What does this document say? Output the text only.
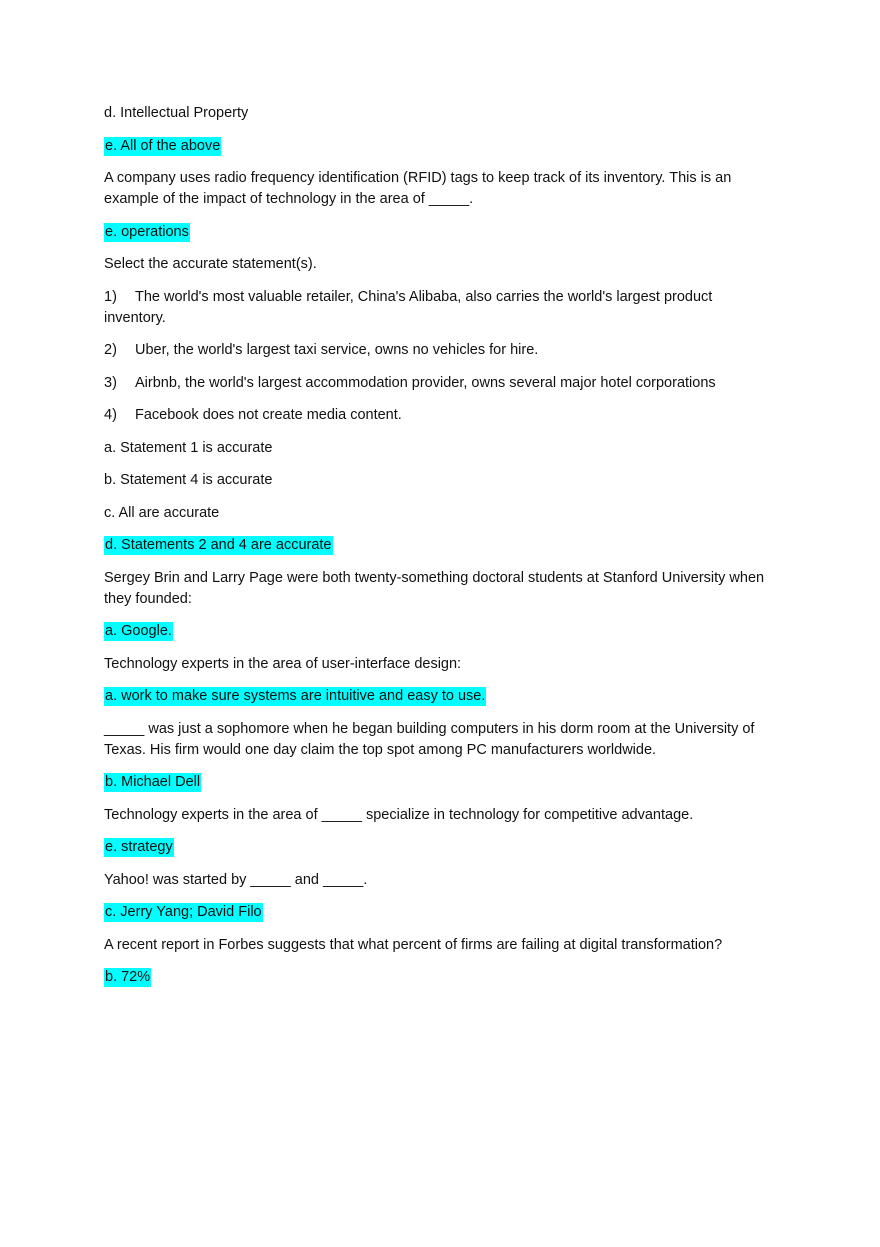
d. Intellectual Property

e. All of the above

A company uses radio frequency identification (RFID) tags to keep track of its inventory. This is an
example of the impact of technology in the area of _____.

e. operations

Select the accurate statement(s).

1) The world's most valuable retailer, China's Alibaba, also carries the world's largest product
inventory.
2) Uber, the world's largest taxi service, owns no vehicles for hire.
3) Airbnb, the world's largest accommodation provider, owns several major hotel corporations
4) Facebook does not create media content.

a. Statement 1 is accurate

b. Statement 4 is accurate

c. All are accurate

d. Statements 2 and 4 are accurate

Sergey Brin and Larry Page were both twenty-something doctoral students at Stanford University when
they founded:

a. Google.

Technology experts in the area of user-interface design:

a. work to make sure systems are intuitive and easy to use.

_____ was just a sophomore when he began building computers in his dorm room at the University of
Texas. His firm would one day claim the top spot among PC manufacturers worldwide.

b. Michael Dell

Technology experts in the area of _____ specialize in technology for competitive advantage.

e. strategy

Yahoo! was started by _____ and _____.

c. Jerry Yang; David Filo

A recent report in Forbes suggests that what percent of firms are failing at digital transformation?

b. 72%
